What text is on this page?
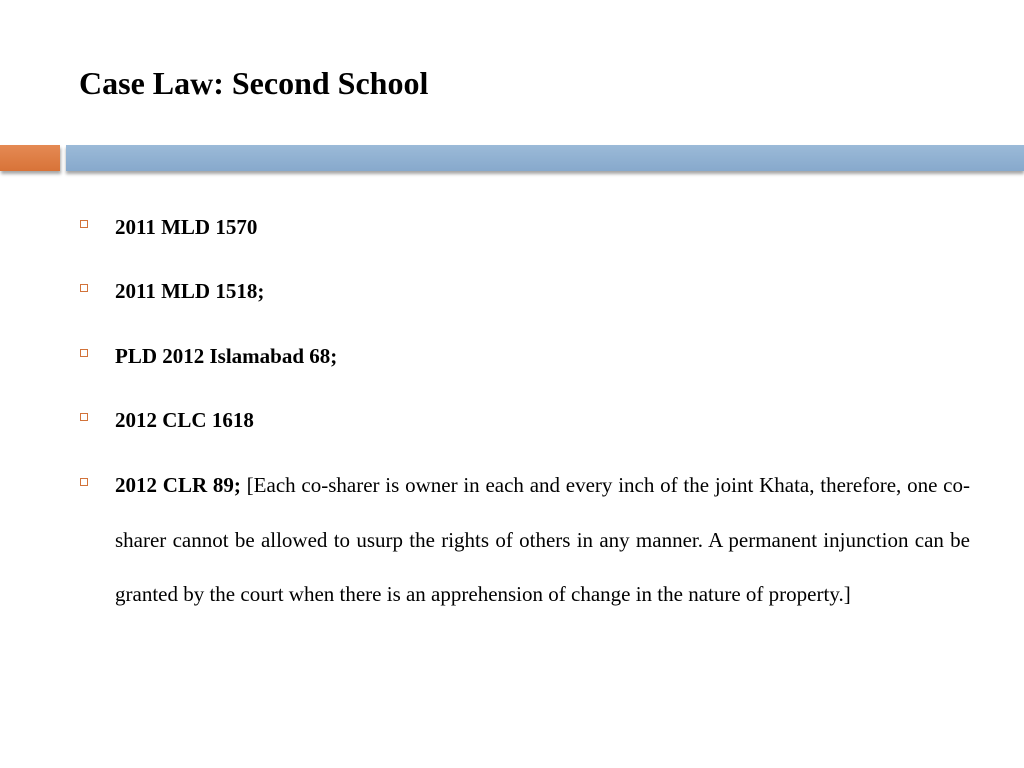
Case Law: Second School
2011 MLD 1570
2011 MLD 1518;
PLD 2012 Islamabad 68;
2012 CLC 1618
2012 CLR 89; [Each co-sharer is owner in each and every inch of the joint Khata, therefore, one co-sharer cannot be allowed to usurp the rights of others in any manner. A permanent injunction can be granted by the court when there is an apprehension of change in the nature of property.]
